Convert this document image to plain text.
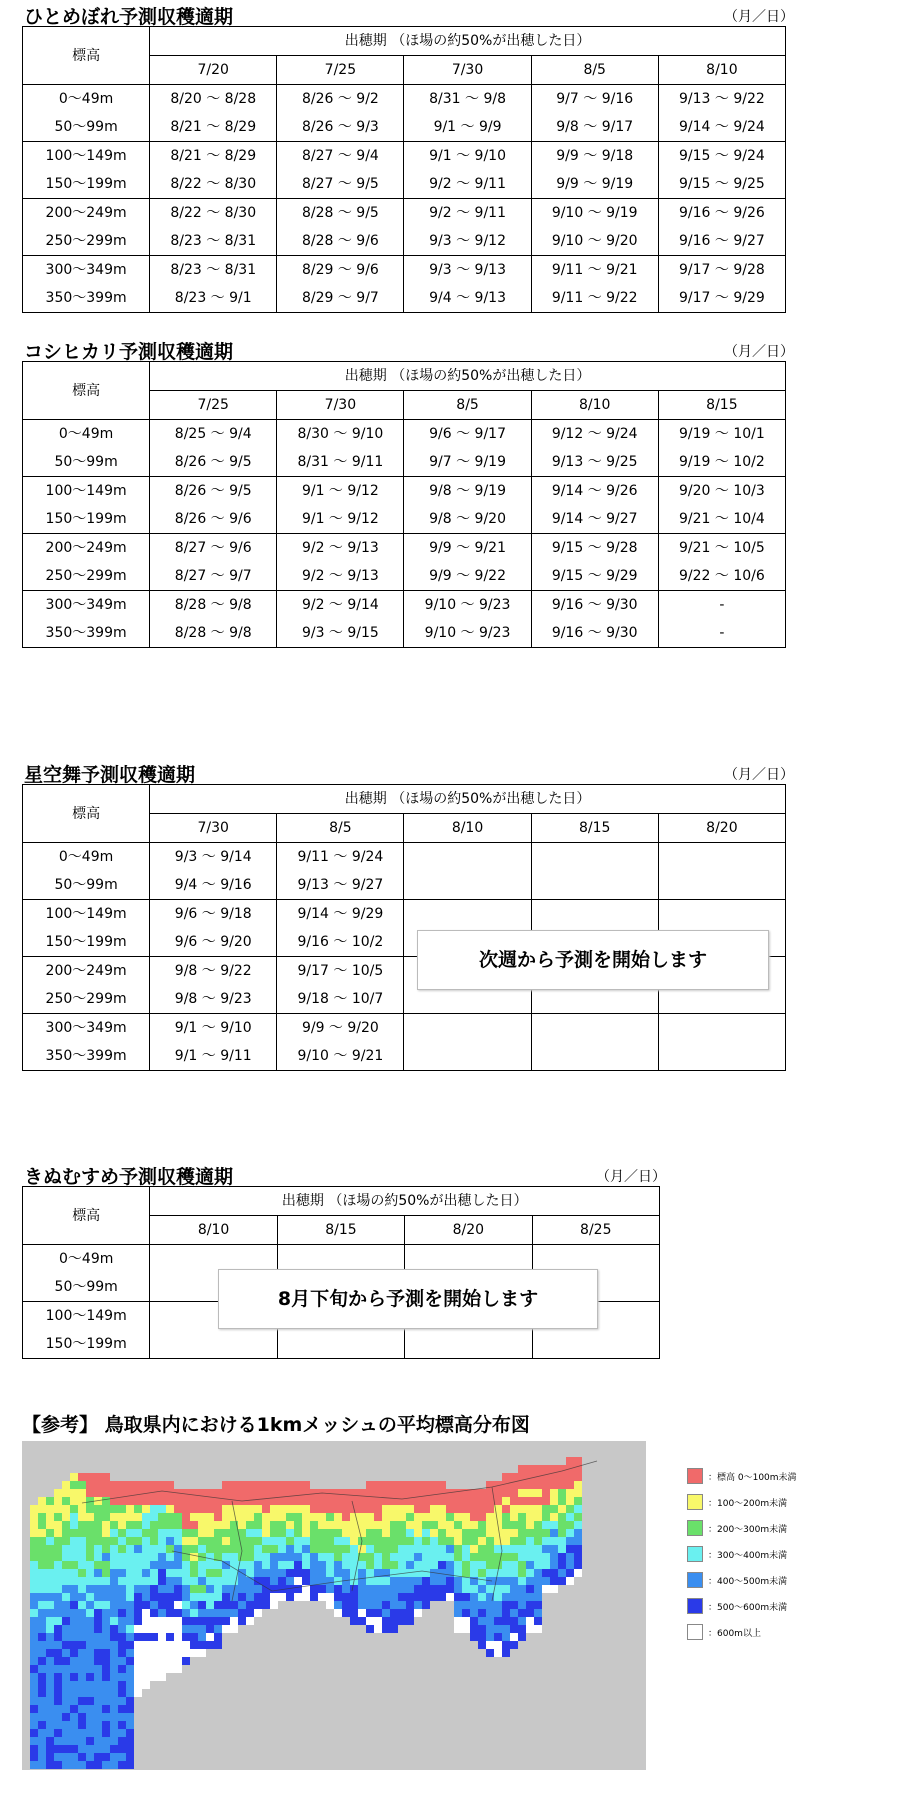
ひとめぼれ予測収穫適期	（月／日）
標高	出穂期 （ほ場の約50%が出穂した日）				
	7/20	7/25	7/30	8/5	8/10
0～49m	8/20 ～ 8/28	8/26 ～ 9/2	8/31 ～ 9/8	9/7 ～ 9/16	9/13 ～ 9/22
50～99m	8/21 ～ 8/29	8/26 ～ 9/3	9/1 ～ 9/9	9/8 ～ 9/17	9/14 ～ 9/24
100～149m	8/21 ～ 8/29	8/27 ～ 9/4	9/1 ～ 9/10	9/9 ～ 9/18	9/15 ～ 9/24
150～199m	8/22 ～ 8/30	8/27 ～ 9/5	9/2 ～ 9/11	9/9 ～ 9/19	9/15 ～ 9/25
200～249m	8/22 ～ 8/30	8/28 ～ 9/5	9/2 ～ 9/11	9/10 ～ 9/19	9/16 ～ 9/26
250～299m	8/23 ～ 8/31	8/28 ～ 9/6	9/3 ～ 9/12	9/10 ～ 9/20	9/16 ～ 9/27
300～349m	8/23 ～ 8/31	8/29 ～ 9/6	9/3 ～ 9/13	9/11 ～ 9/21	9/17 ～ 9/28
350～399m	8/23 ～ 9/1	8/29 ～ 9/7	9/4 ～ 9/13	9/11 ～ 9/22	9/17 ～ 9/29
コシヒカリ予測収穫適期	（月／日）
標高	出穂期 （ほ場の約50%が出穂した日）				
	7/25	7/30	8/5	8/10	8/15
0～49m	8/25 ～ 9/4	8/30 ～ 9/10	9/6 ～ 9/17	9/12 ～ 9/24	9/19 ～ 10/1
50～99m	8/26 ～ 9/5	8/31 ～ 9/11	9/7 ～ 9/19	9/13 ～ 9/25	9/19 ～ 10/2
100～149m	8/26 ～ 9/5	9/1 ～ 9/12	9/8 ～ 9/19	9/14 ～ 9/26	9/20 ～ 10/3
150～199m	8/26 ～ 9/6	9/1 ～ 9/12	9/8 ～ 9/20	9/14 ～ 9/27	9/21 ～ 10/4
200～249m	8/27 ～ 9/6	9/2 ～ 9/13	9/9 ～ 9/21	9/15 ～ 9/28	9/21 ～ 10/5
250～299m	8/27 ～ 9/7	9/2 ～ 9/13	9/9 ～ 9/22	9/15 ～ 9/29	9/22 ～ 10/6
300～349m	8/28 ～ 9/8	9/2 ～ 9/14	9/10 ～ 9/23	9/16 ～ 9/30	-
350～399m	8/28 ～ 9/8	9/3 ～ 9/15	9/10 ～ 9/23	9/16 ～ 9/30	-
星空舞予測収穫適期	（月／日）
標高	出穂期 （ほ場の約50%が出穂した日）				
	7/30	8/5	8/10	8/15	8/20
0～49m	9/3 ～ 9/14	9/11 ～ 9/24			
50～99m	9/4 ～ 9/16	9/13 ～ 9/27			
100～149m	9/6 ～ 9/18	9/14 ～ 9/29			
150～199m	9/6 ～ 9/20	9/16 ～ 10/2			
200～249m	9/8 ～ 9/22	9/17 ～ 10/5			
250～299m	9/8 ～ 9/23	9/18 ～ 10/7			
300～349m	9/1 ～ 9/10	9/9 ～ 9/20			
350～399m	9/1 ～ 9/11	9/10 ～ 9/21			
次週から予測を開始します
きぬむすめ予測収穫適期	（月／日）
標高	出穂期 （ほ場の約50%が出穂した日）			
	8/10	8/15	8/20	8/25
0～49m				
50～99m				
100～149m				
150～199m				
8月下旬から予測を開始します
【参考】 鳥取県内における1kmメッシュの平均標高分布図
：標高 0～100m未満
：100～200m未満
：200～300m未満
：300～400m未満
：400～500m未満
：500～600m未満
：600m以上
